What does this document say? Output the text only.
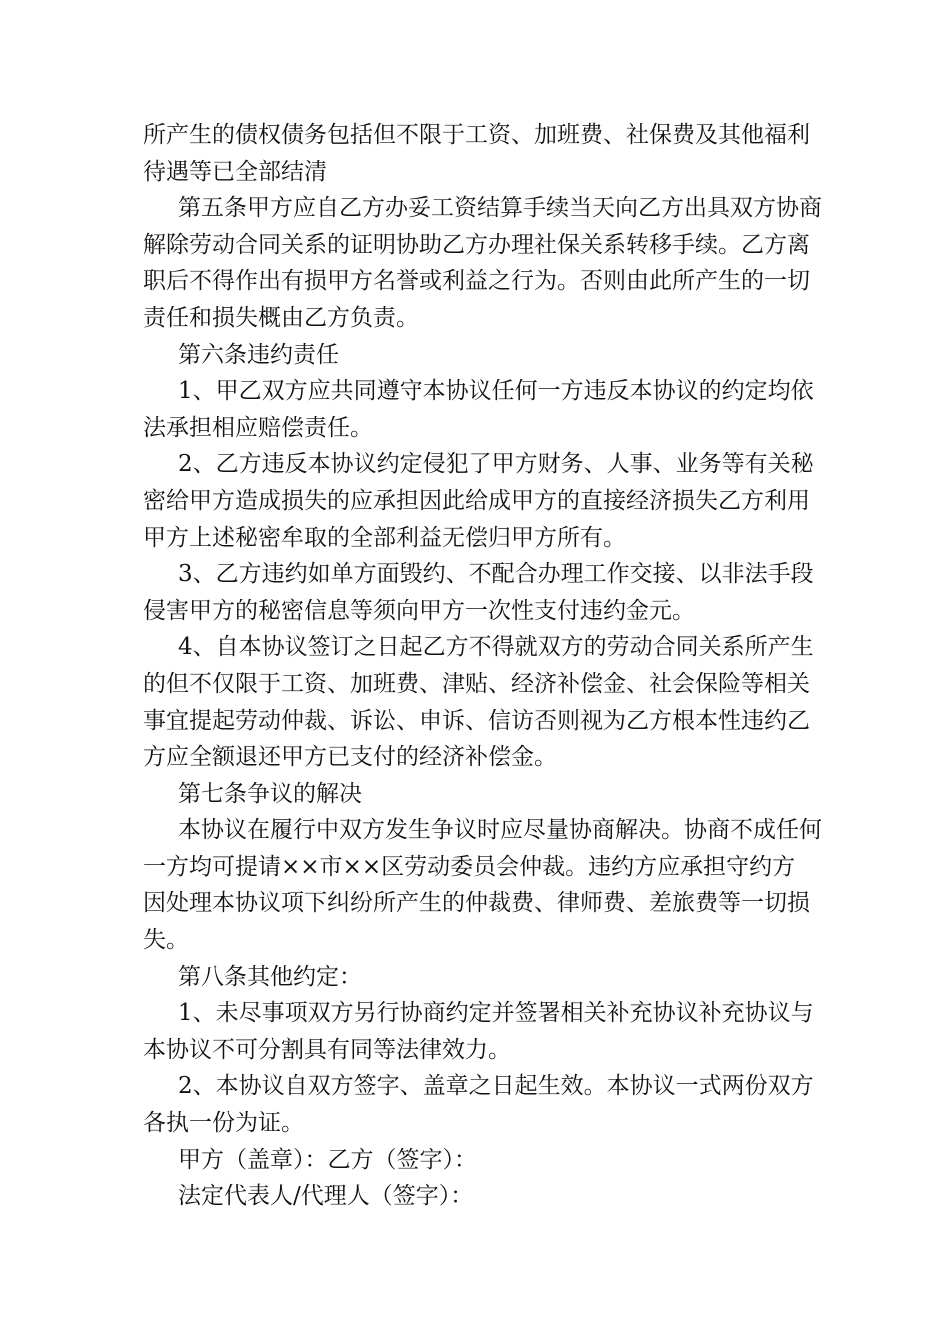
所产生的债权债务包括但不限于工资、加班费、社保费及其他福利
待遇等已全部结清
第五条甲方应自乙方办妥工资结算手续当天向乙方出具双方协商
解除劳动合同关系的证明协助乙方办理社保关系转移手续。乙方离
职后不得作出有损甲方名誉或利益之行为。否则由此所产生的一切
责任和损失概由乙方负责。
第六条违约责任
1、甲乙双方应共同遵守本协议任何一方违反本协议的约定均依
法承担相应赔偿责任。
2、乙方违反本协议约定侵犯了甲方财务、人事、业务等有关秘
密给甲方造成损失的应承担因此给成甲方的直接经济损失乙方利用
甲方上述秘密牟取的全部利益无偿归甲方所有。
3、乙方违约如单方面毁约、不配合办理工作交接、以非法手段
侵害甲方的秘密信息等须向甲方一次性支付违约金元。
4、自本协议签订之日起乙方不得就双方的劳动合同关系所产生
的但不仅限于工资、加班费、津贴、经济补偿金、社会保险等相关
事宜提起劳动仲裁、诉讼、申诉、信访否则视为乙方根本性违约乙
方应全额退还甲方已支付的经济补偿金。
第七条争议的解决
本协议在履行中双方发生争议时应尽量协商解决。协商不成任何
一方均可提请××市××区劳动委员会仲裁。违约方应承担守约方
因处理本协议项下纠纷所产生的仲裁费、律师费、差旅费等一切损
失。
第八条其他约定：
1、未尽事项双方另行协商约定并签署相关补充协议补充协议与
本协议不可分割具有同等法律效力。
2、本协议自双方签字、盖章之日起生效。本协议一式两份双方
各执一份为证。
甲方（盖章）：乙方（签字）：
法定代表人/代理人（签字）：
